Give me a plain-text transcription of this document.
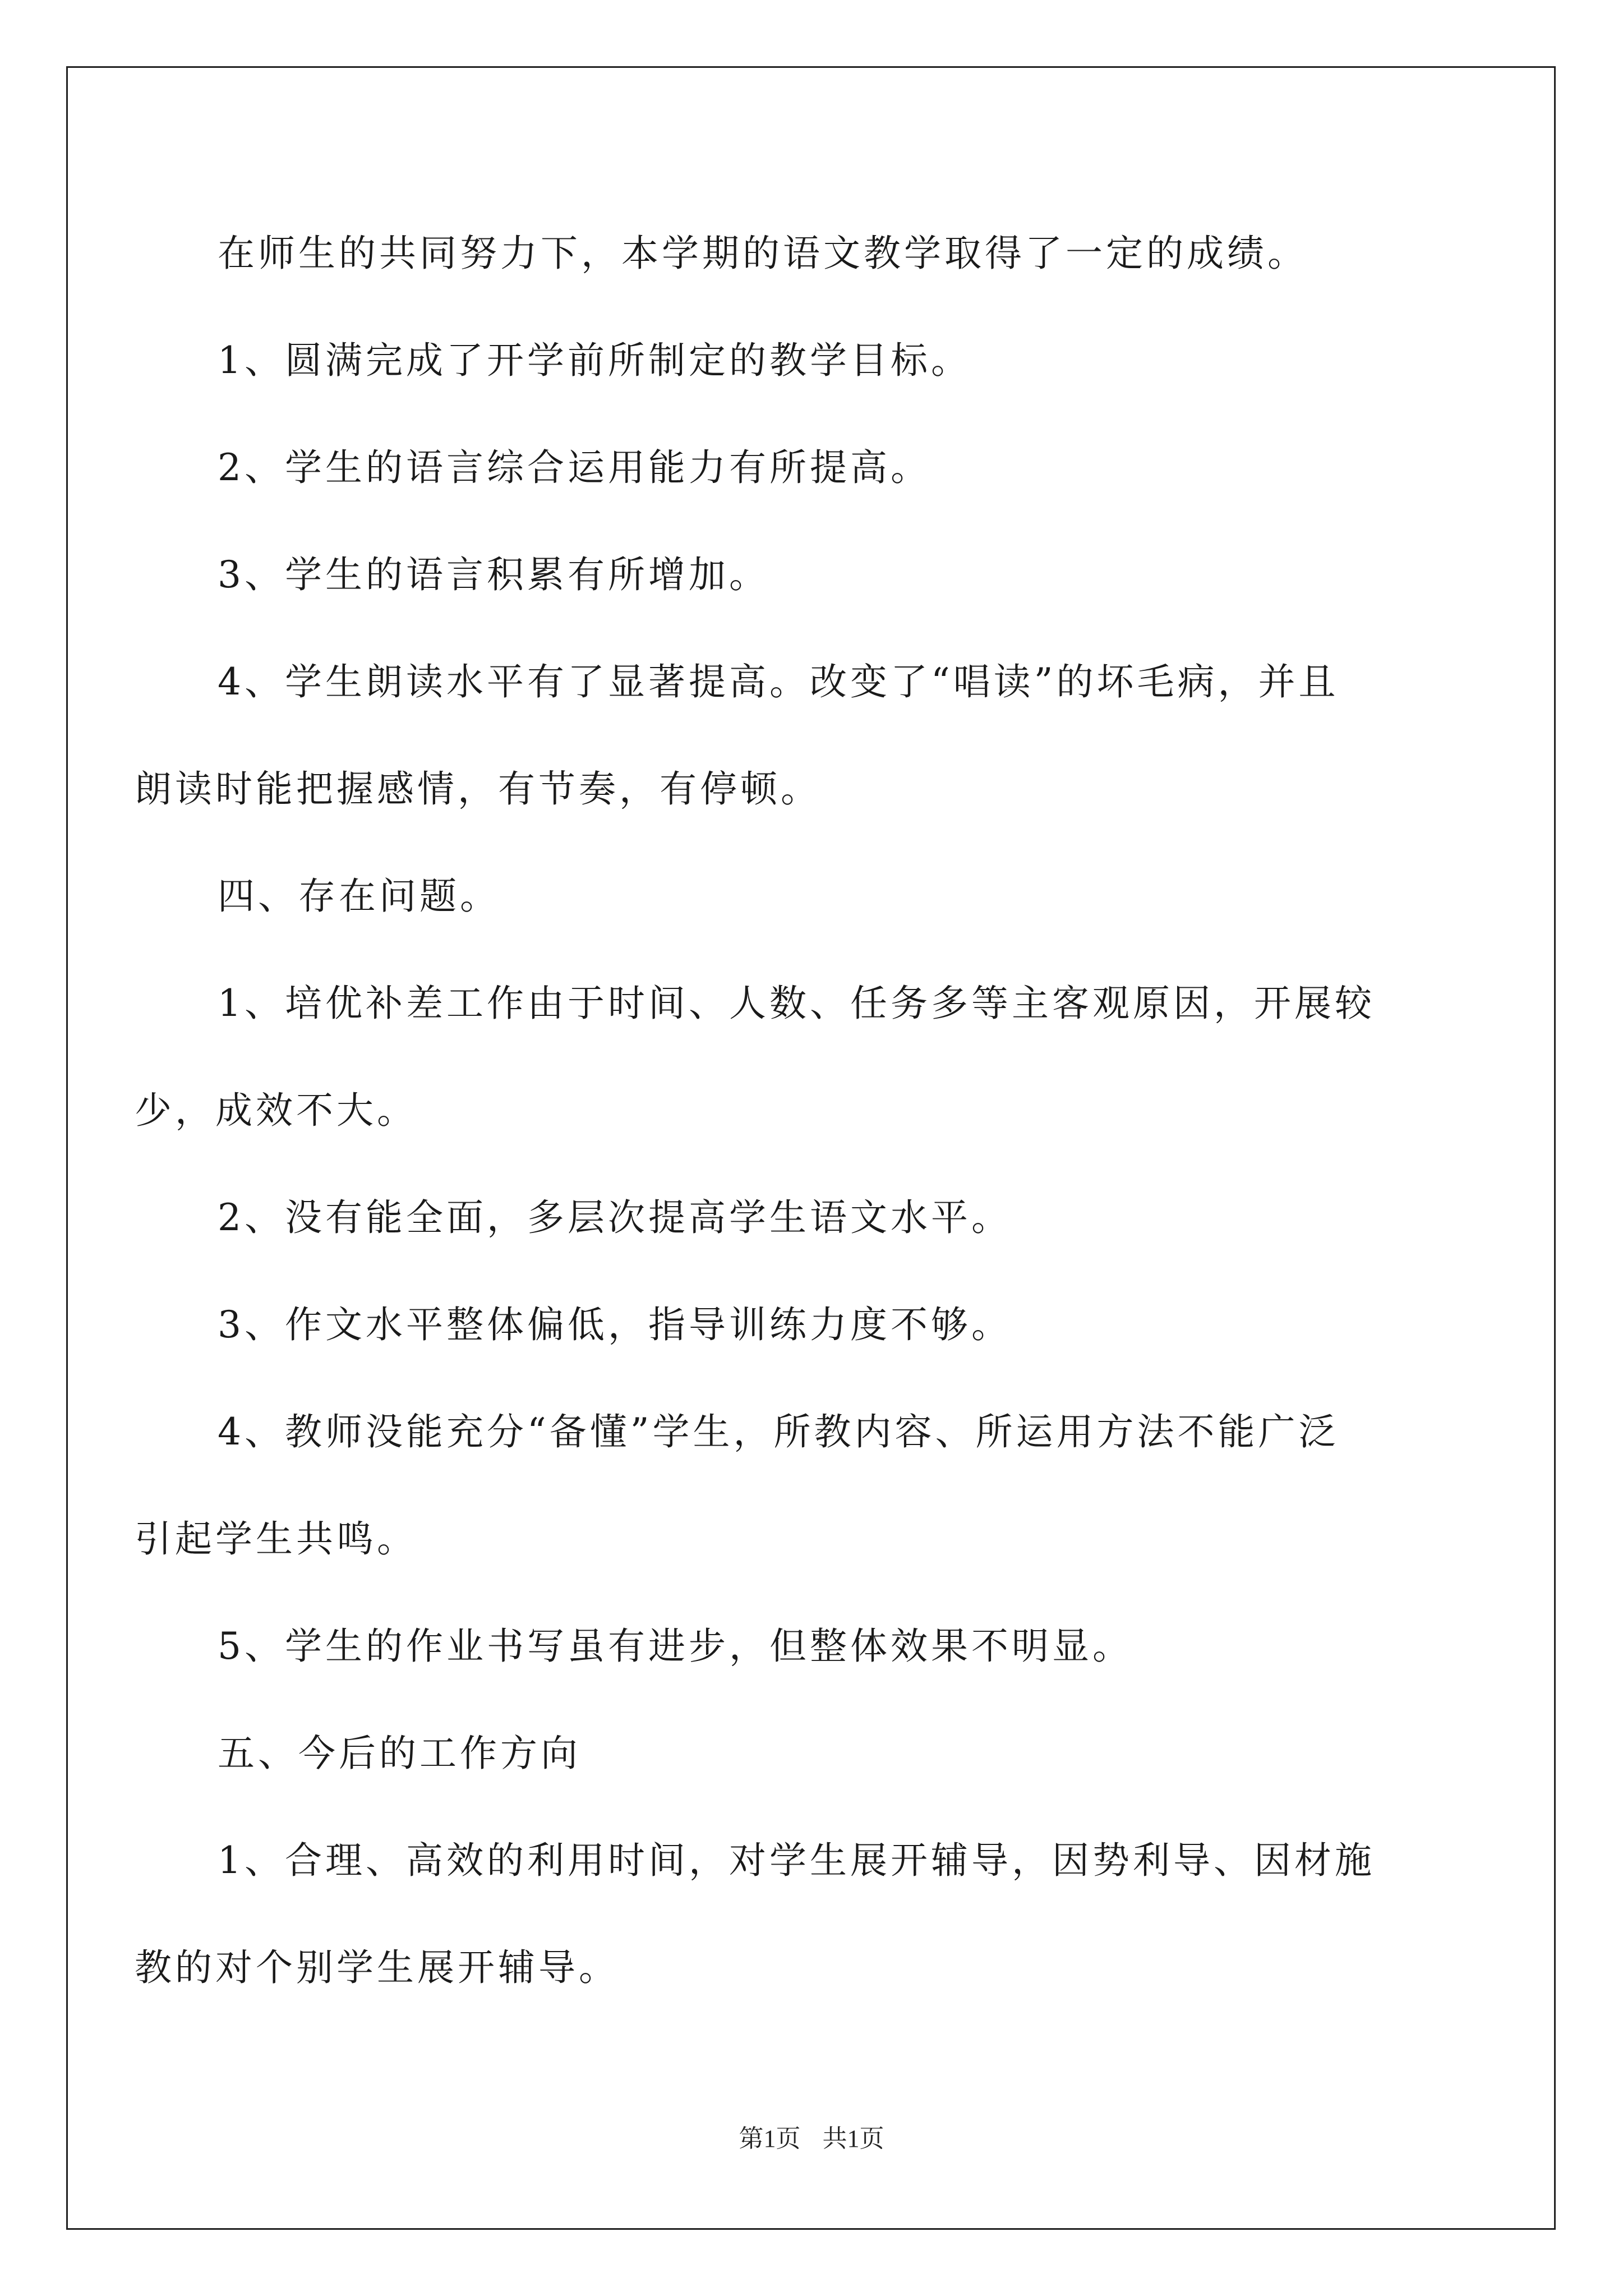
在师生的共同努力下，本学期的语文教学取得了一定的成绩。
1、圆满完成了开学前所制定的教学目标。
2、学生的语言综合运用能力有所提高。
3、学生的语言积累有所增加。
4、学生朗读水平有了显著提高。改变了“唱读”的坏毛病，并且
朗读时能把握感情，有节奏，有停顿。
四、存在问题。
1、培优补差工作由于时间、人数、任务多等主客观原因，开展较
少，成效不大。
2、没有能全面，多层次提高学生语文水平。
3、作文水平整体偏低，指导训练力度不够。
4、教师没能充分“备懂”学生，所教内容、所运用方法不能广泛
引起学生共鸣。
5、学生的作业书写虽有进步，但整体效果不明显。
五、今后的工作方向
1、合理、高效的利用时间，对学生展开辅导，因势利导、因材施
教的对个别学生展开辅导。
第1页 共1页
